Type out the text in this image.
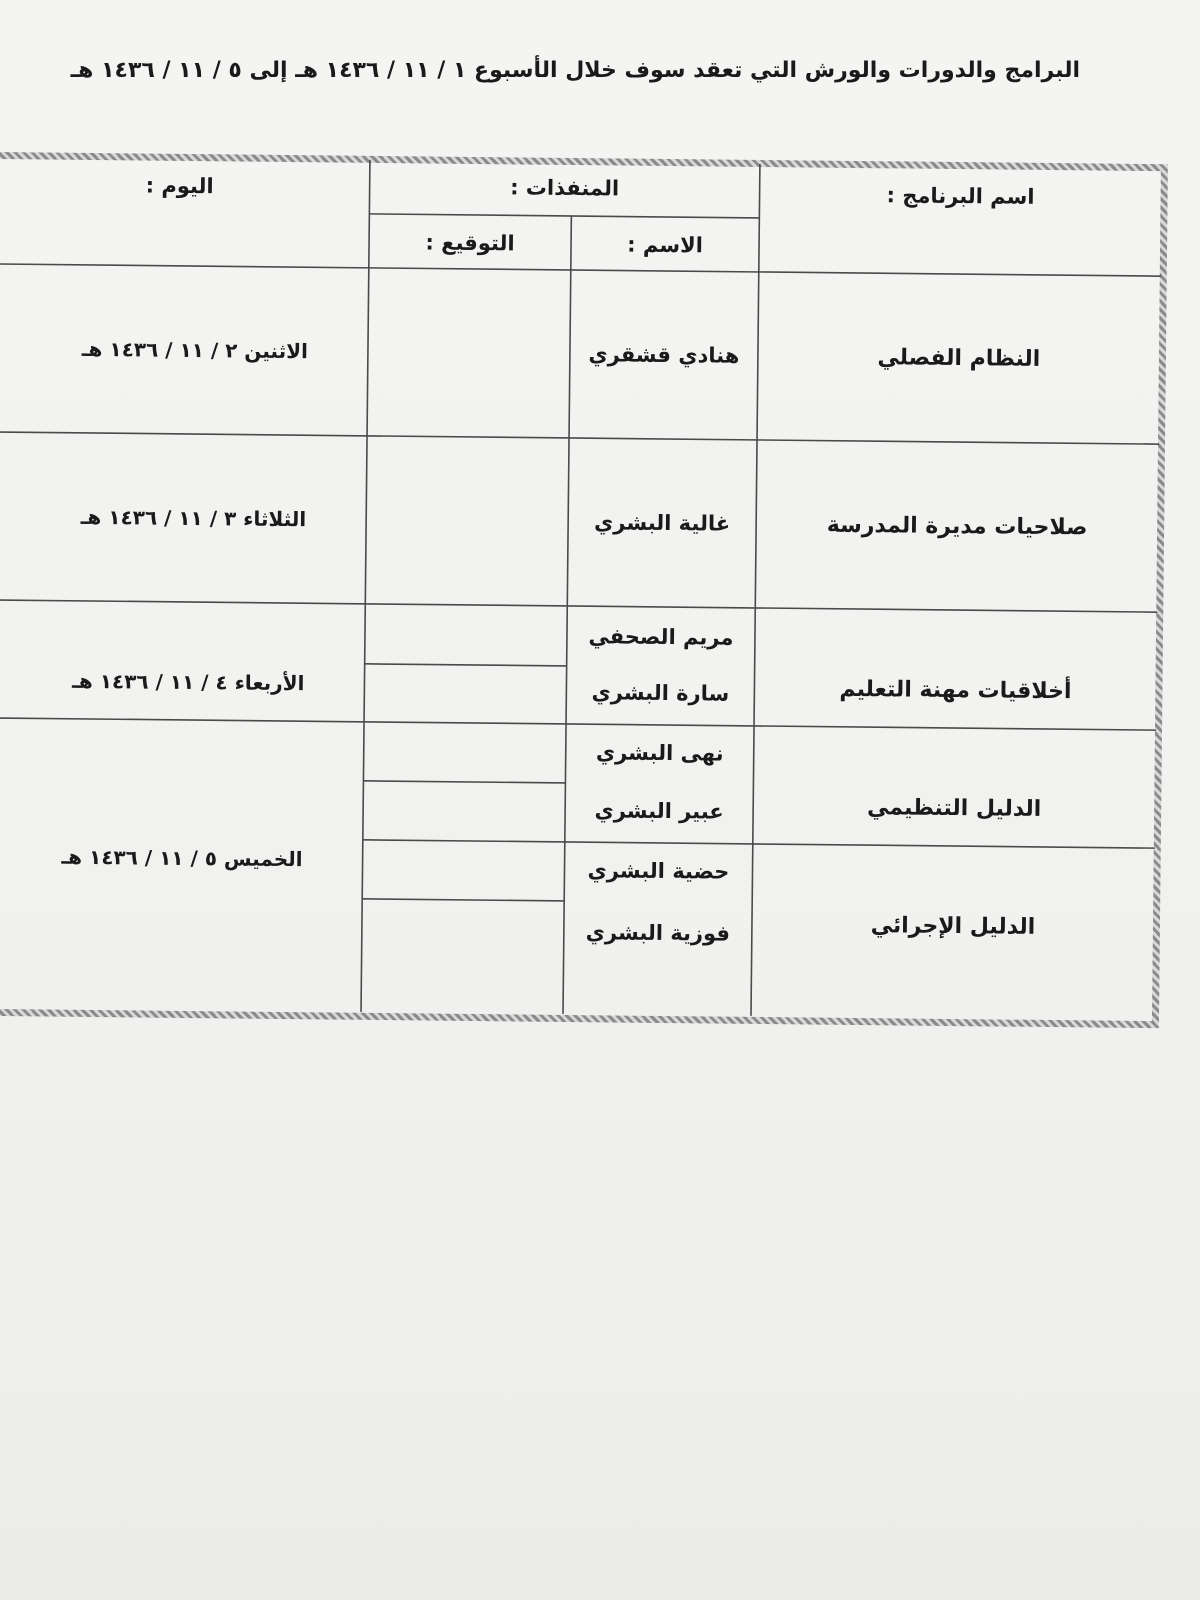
البرامج والدورات والورش التي تعقد سوف خلال الأسبوع ١ / ١١ / ١٤٣٦ هـ إلى ٥ / ١١ / ١٤٣٦ هـ
اسم البرنامج :
المنفذات :
الاسم :
التوقيع :
اليوم :
النظام الفصلي
صلاحيات مديرة المدرسة
أخلاقيات مهنة التعليم
الدليل التنظيمي
الدليل الإجرائي
هنادي قشقري
غالية البشري
مريم الصحفي
سارة البشري
نهى البشري
عبير البشري
حضية البشري
فوزية البشري
الاثنين ٢ / ١١ / ١٤٣٦ هـ
الثلاثاء ٣ / ١١ / ١٤٣٦ هـ
الأربعاء ٤ / ١١ / ١٤٣٦ هـ
الخميس ٥ / ١١ / ١٤٣٦ هـ
